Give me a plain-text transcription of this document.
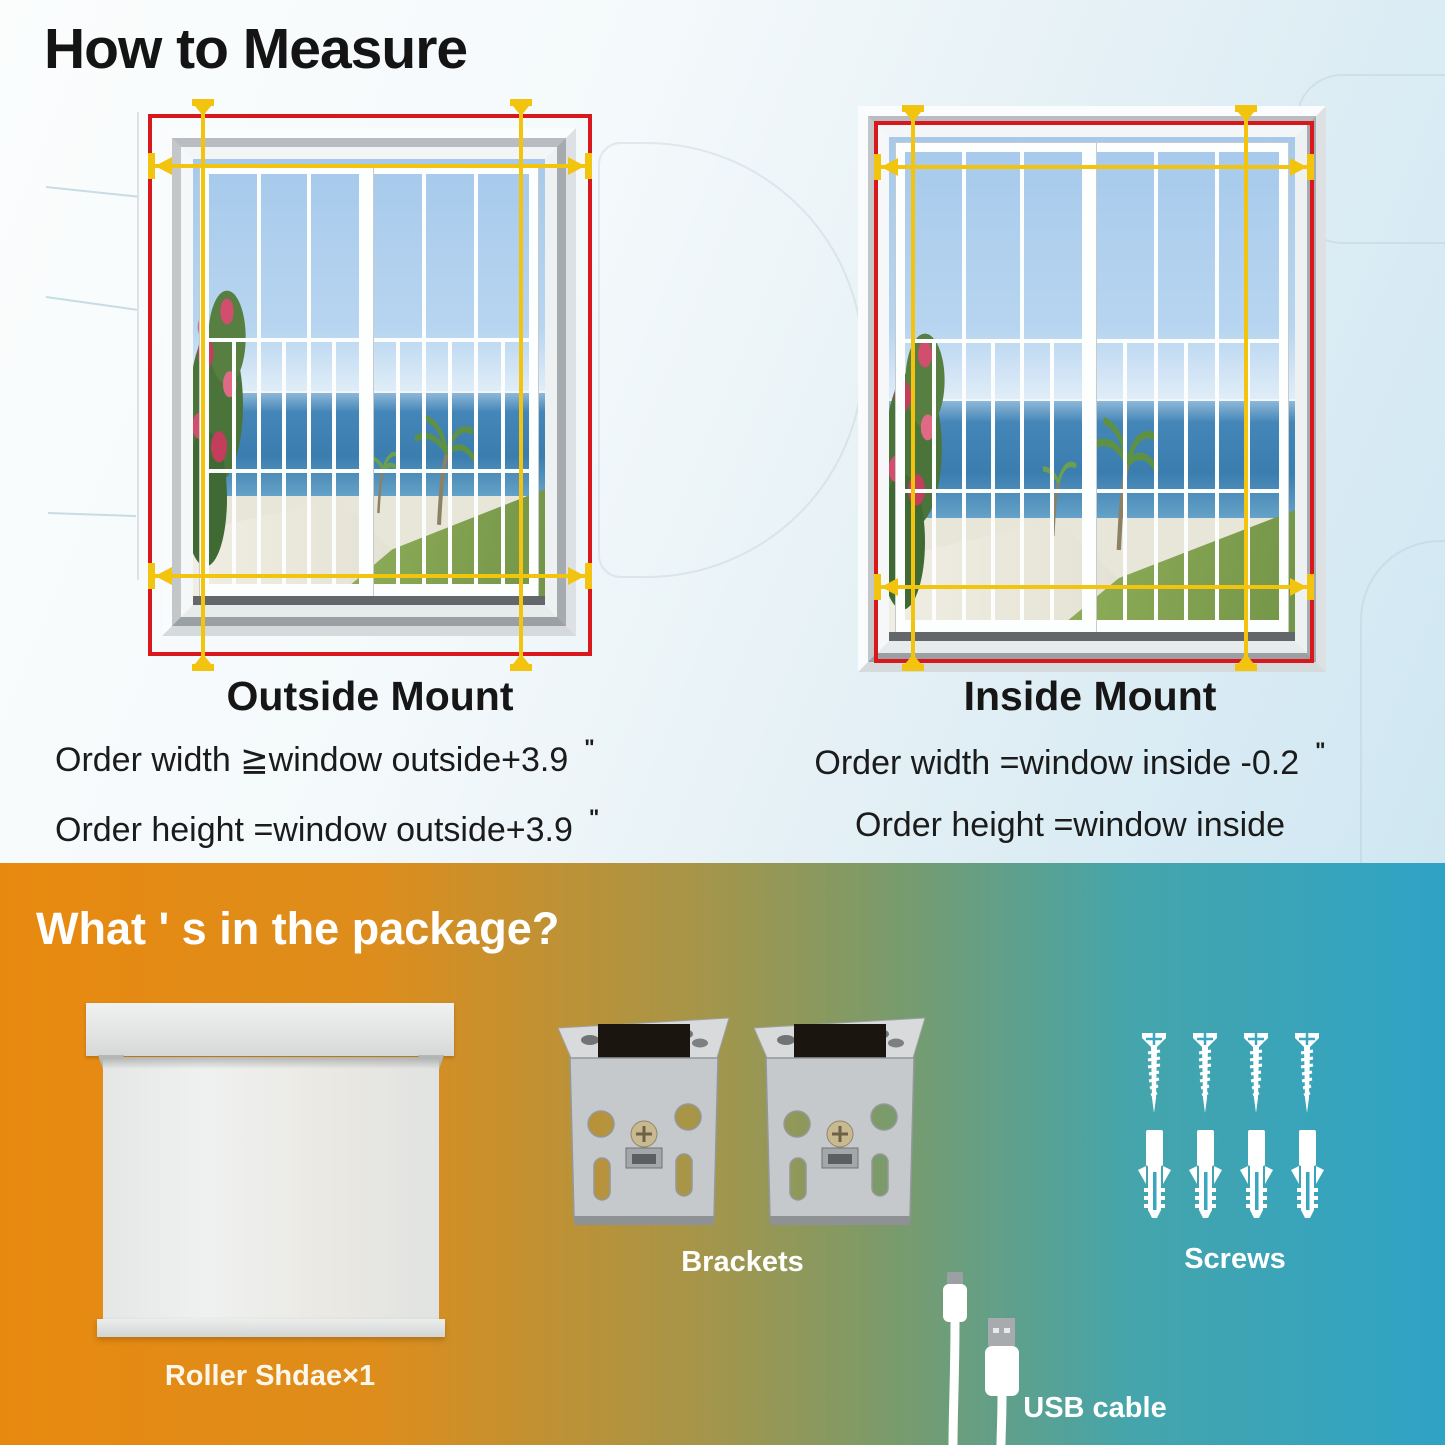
How to Measure
Outside Mount	Inside Mount
Order width ≧window outside+3.9 "
Order height =window outside+3.9 "
Order width =window inside -0.2 "
Order height =window inside
What ' s in the package?
Roller Shdae×1
Brackets	Screws
USB cable
